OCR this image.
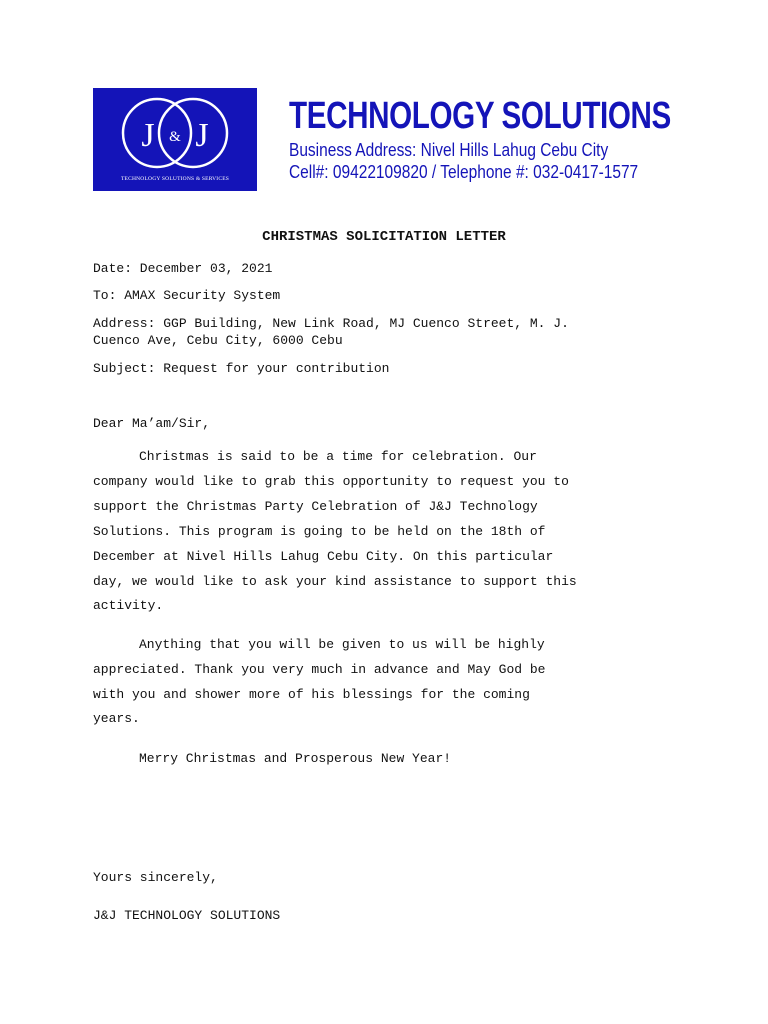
J & J
TECHNOLOGY SOLUTIONS & SERVICES
TECHNOLOGY SOLUTIONS
Business Address: Nivel Hills Lahug Cebu City
Cell#: 09422109820 / Telephone #: 032-0417-1577
CHRISTMAS SOLICITATION LETTER
Date: December 03, 2021
To: AMAX Security System
Address: GGP Building, New Link Road, MJ Cuenco Street, M. J.
Cuenco Ave, Cebu City, 6000 Cebu
Subject: Request for your contribution
Dear Ma’am/Sir,
Christmas is said to be a time for celebration. Our
company would like to grab this opportunity to request you to
support the Christmas Party Celebration of J&J Technology
Solutions. This program is going to be held on the 18th of
December at Nivel Hills Lahug Cebu City. On this particular
day, we would like to ask your kind assistance to support this
activity.
Anything that you will be given to us will be highly
appreciated. Thank you very much in advance and May God be
with you and shower more of his blessings for the coming
years.
Merry Christmas and Prosperous New Year!
Yours sincerely,
J&J TECHNOLOGY SOLUTIONS
